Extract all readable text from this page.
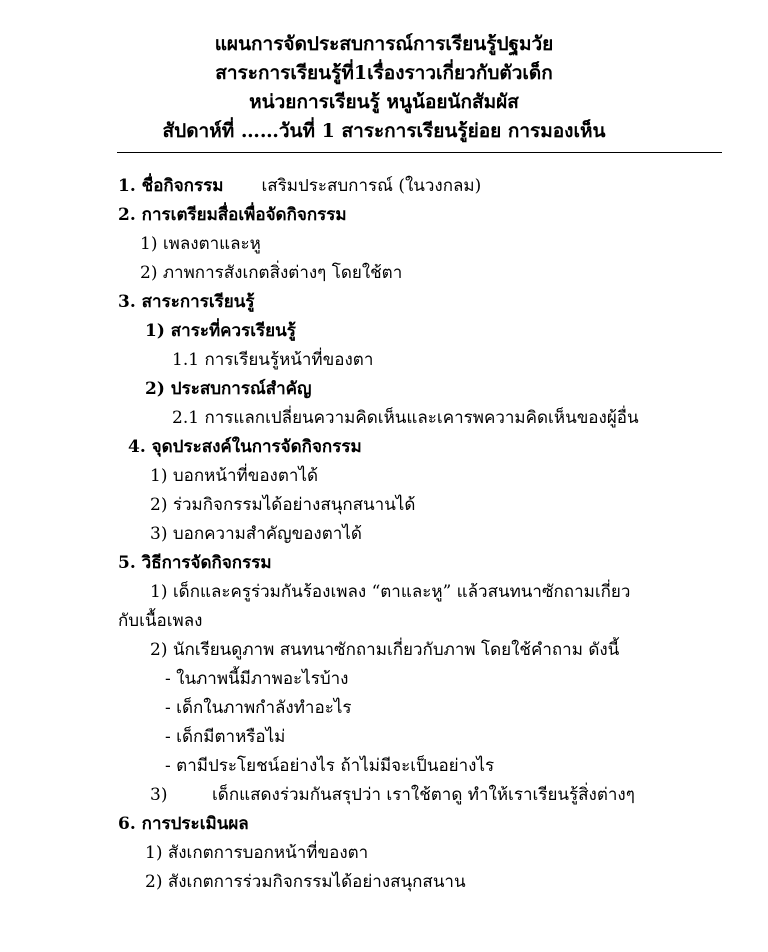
แผนการจัดประสบการณ์การเรียนรู้ปฐมวัย
สาระการเรียนรู้ที่1เรื่องราวเกี่ยวกับตัวเด็ก
หน่วยการเรียนรู้ หนูน้อยนักสัมผัส
สัปดาห์ที่ ……วันที่ 1 สาระการเรียนรู้ย่อย การมองเห็น
1. ชื่อกิจกรรม เสริมประสบการณ์ (ในวงกลม)
2. การเตรียมสื่อเพื่อจัดกิจกรรม
1) เพลงตาและหู
2) ภาพการสังเกตสิ่งต่างๆ โดยใช้ตา
3. สาระการเรียนรู้
1) สาระที่ควรเรียนรู้
1.1 การเรียนรู้หน้าที่ของตา
2) ประสบการณ์สำคัญ
2.1 การแลกเปลี่ยนความคิดเห็นและเคารพความคิดเห็นของผู้อื่น
4. จุดประสงค์ในการจัดกิจกรรม
1) บอกหน้าที่ของตาได้
2) ร่วมกิจกรรมได้อย่างสนุกสนานได้
3) บอกความสำคัญของตาได้
5. วิธีการจัดกิจกรรม
1) เด็กและครูร่วมกันร้องเพลง “ตาและหู” แล้วสนทนาซักถามเกี่ยว
กับเนื้อเพลง
2) นักเรียนดูภาพ สนทนาซักถามเกี่ยวกับภาพ โดยใช้คำถาม ดังนี้
- ในภาพนี้มีภาพอะไรบ้าง
- เด็กในภาพกำลังทำอะไร
- เด็กมีตาหรือไม่
- ตามีประโยชน์อย่างไร ถ้าไม่มีจะเป็นอย่างไร
3)	เด็กแสดงร่วมกันสรุปว่า เราใช้ตาดู ทำให้เราเรียนรู้สิ่งต่างๆ
6. การประเมินผล
1) สังเกตการบอกหน้าที่ของตา
2) สังเกตการร่วมกิจกรรมได้อย่างสนุกสนาน
